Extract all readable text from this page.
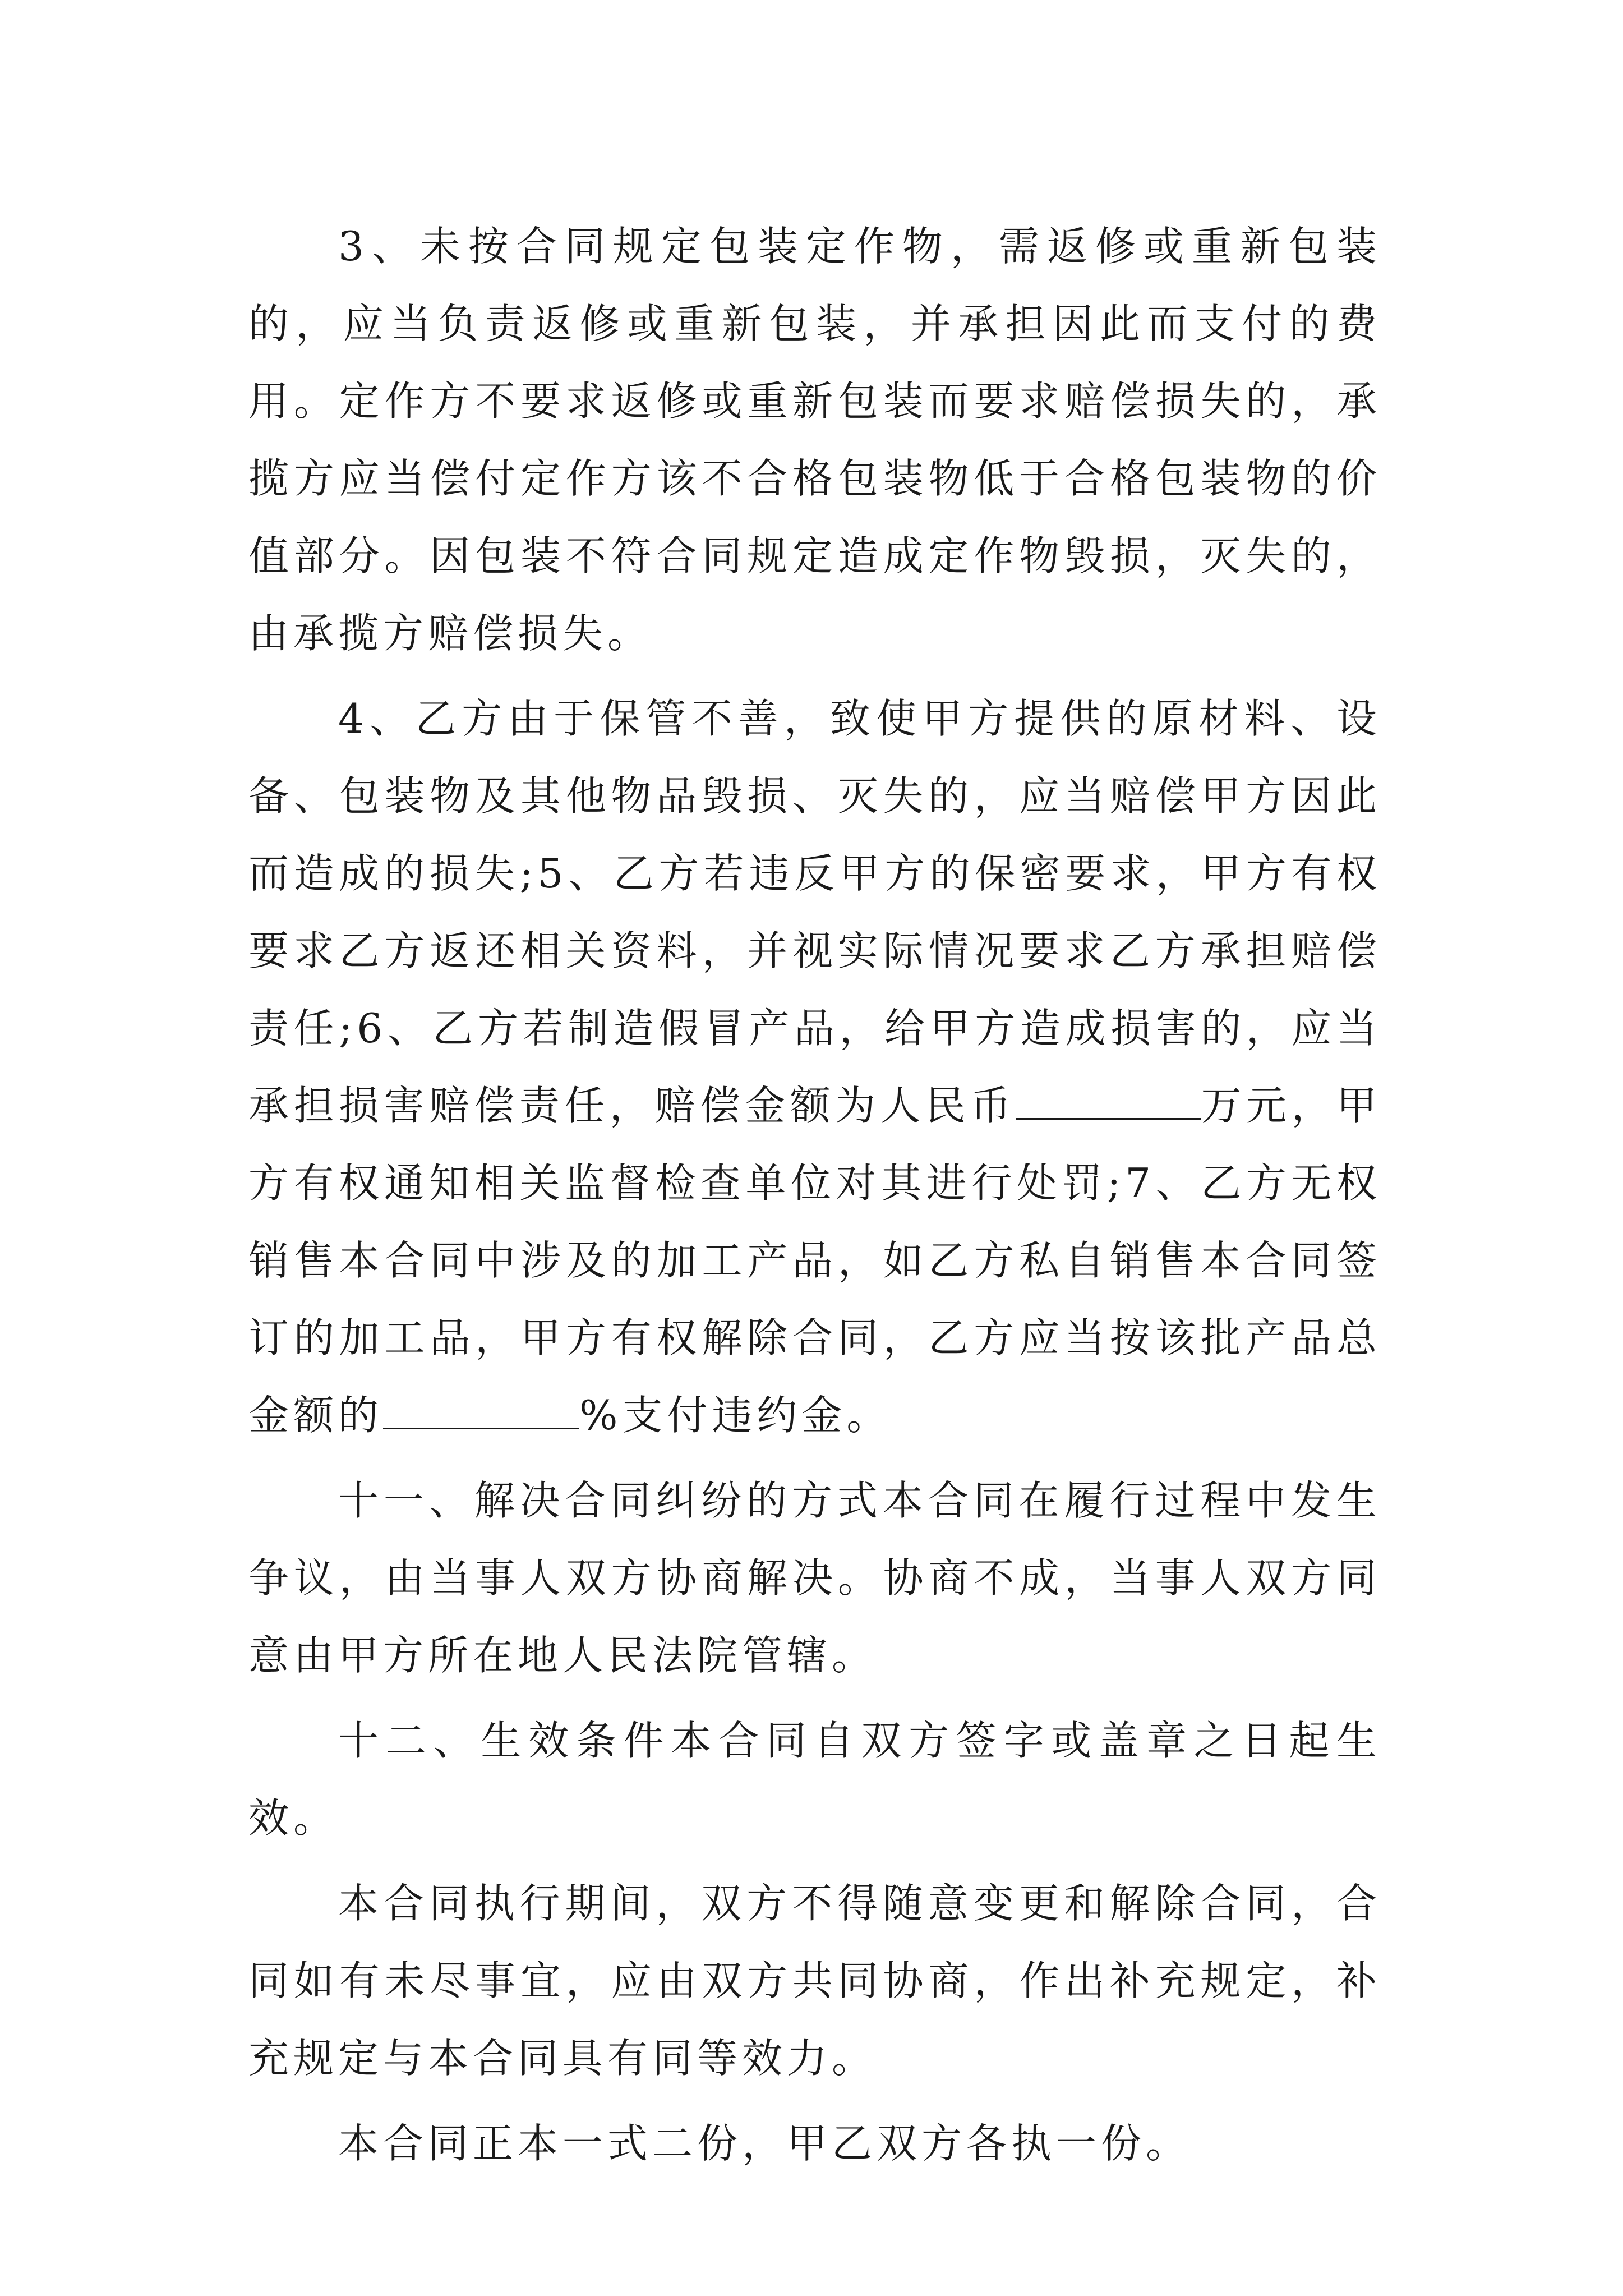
3、未按合同规定包装定作物，需返修或重新包装的，应当负责返修或重新包装，并承担因此而支付的费用。定作方不要求返修或重新包装而要求赔偿损失的，承揽方应当偿付定作方该不合格包装物低于合格包装物的价值部分。因包装不符合同规定造成定作物毁损，灭失的，由承揽方赔偿损失。

4、乙方由于保管不善，致使甲方提供的原材料、设备、包装物及其他物品毁损、灭失的，应当赔偿甲方因此而造成的损失;5、乙方若违反甲方的保密要求，甲方有权要求乙方返还相关资料，并视实际情况要求乙方承担赔偿责任;6、乙方若制造假冒产品，给甲方造成损害的，应当承担损害赔偿责任，赔偿金额为人民币	万元，甲方有权通知相关监督检查单位对其进行处罚;7、乙方无权销售本合同中涉及的加工产品，如乙方私自销售本合同签订的加工品，甲方有权解除合同，乙方应当按该批产品总金额的	%支付违约金。

十一、解决合同纠纷的方式本合同在履行过程中发生争议，由当事人双方协商解决。协商不成，当事人双方同意由甲方所在地人民法院管辖。

十二、生效条件本合同自双方签字或盖章之日起生效。

本合同执行期间，双方不得随意变更和解除合同，合同如有未尽事宜，应由双方共同协商，作出补充规定，补充规定与本合同具有同等效力。

本合同正本一式二份，甲乙双方各执一份。
